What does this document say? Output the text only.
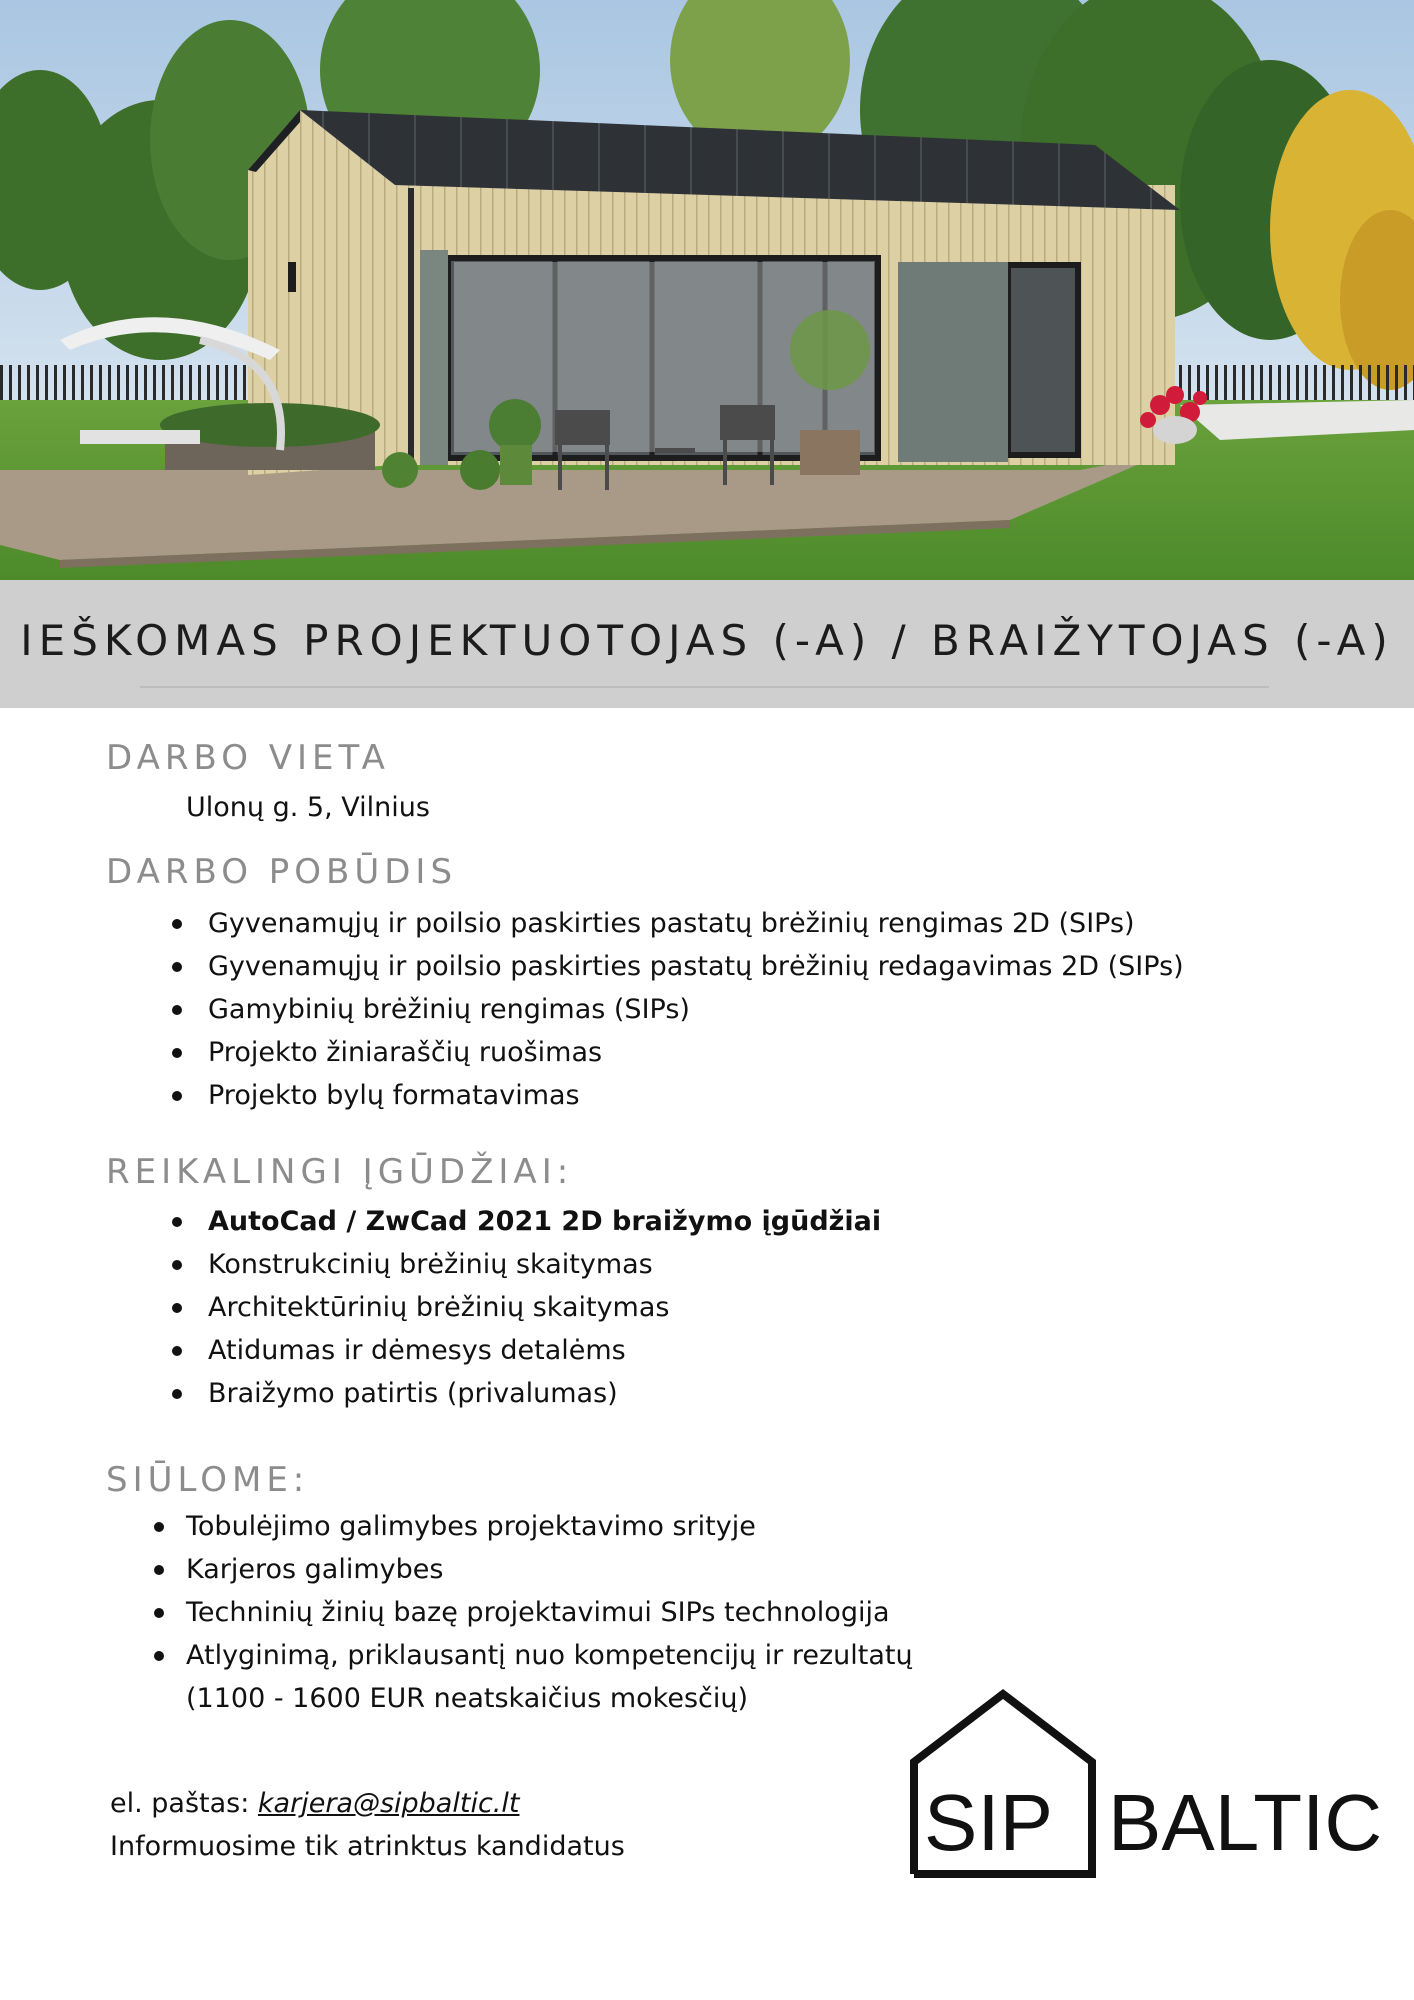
IEŠKOMAS PROJEKTUOTOJAS (-A) / BRAIŽYTOJAS (-A)
DARBO VIETA
Ulonų g. 5, Vilnius
DARBO POBŪDIS
Gyvenamųjų ir poilsio paskirties pastatų brėžinių rengimas 2D (SIPs)
Gyvenamųjų ir poilsio paskirties pastatų brėžinių redagavimas 2D (SIPs)
Gamybinių brėžinių rengimas (SIPs)
Projekto žiniaraščių ruošimas
Projekto bylų formatavimas
REIKALINGI ĮGŪDŽIAI:
AutoCad / ZwCad 2021 2D braižymo įgūdžiai
Konstrukcinių brėžinių skaitymas
Architektūrinių brėžinių skaitymas
Atidumas ir dėmesys detalėms
Braižymo patirtis (privalumas)
SIŪLOME:
Tobulėjimo galimybes projektavimo srityje
Karjeros galimybes
Techninių žinių bazę projektavimui SIPs technologija
Atlyginimą, priklausantį nuo kompetencijų ir rezultatų
(1100 - 1600 EUR neatskaičius mokesčių)
el. paštas: karjera@sipbaltic.lt
Informuosime tik atrinktus kandidatus	SIP BALTIC
